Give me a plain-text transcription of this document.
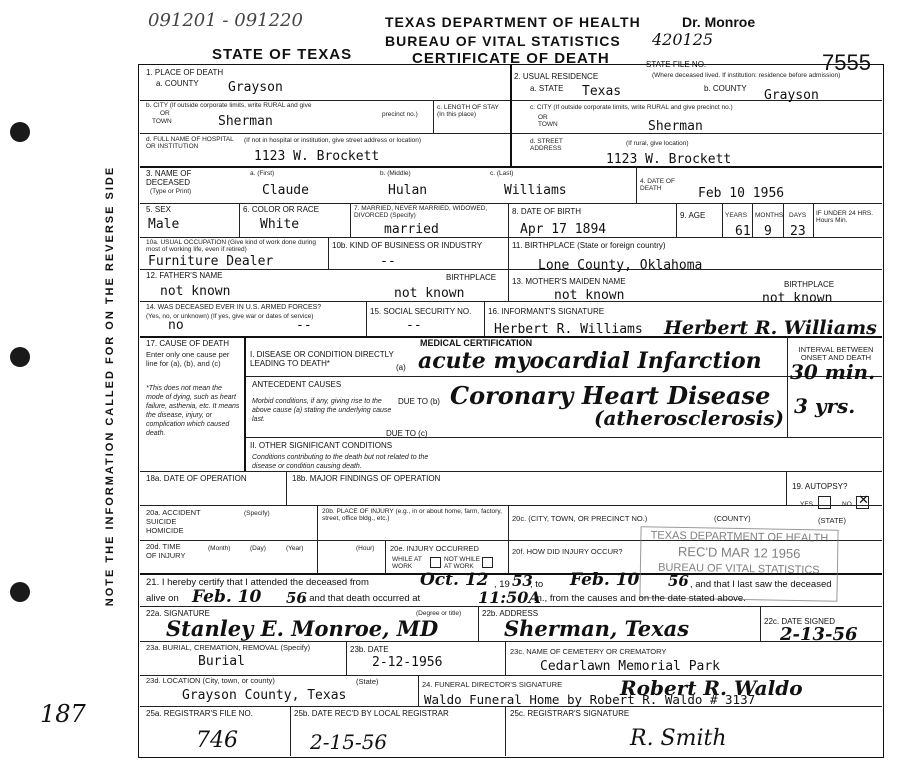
NOTE THE INFORMATION CALLED FOR ON THE REVERSE SIDE
187
091201 - 091220	TEXAS DEPARTMENT OF HEALTH
BUREAU OF VITAL STATISTICS
Dr. Monroe
420125
STATE OF TEXAS	CERTIFICATE OF DEATH	STATE FILE NO.	7555
1. PLACE OF DEATH
a. COUNTY Grayson
b. CITY (If outside corporate limits, write RURAL and give
OR
TOWN
precinct no.)
Sherman
c. LENGTH OF STAY (In this place)
d. FULL NAME OF HOSPITAL OR INSTITUTION
(If not in hospital or institution, give street address or location)
1123 W. Brockett
2. USUAL RESIDENCE	(Where deceased lived. If institution: residence before admission)
a. STATE Texas	b. COUNTY Grayson
c. CITY (If outside corporate limits, write RURAL and give precinct no.)
OR TOWN	Sherman
d. STREET ADDRESS
(If rural, give location)
1123 W. Brockett
3. NAME OF DECEASED
(Type or Print)
a. (First)	b. (Middle)	c. (Last)
Claude	Hulan	Williams
4. DATE OF DEATH	Feb 10 1956
5. SEX
Male
6. COLOR OR RACE
White
7. MARRIED, NEVER MARRIED, WIDOWED, DIVORCED (Specify)
married
8. DATE OF BIRTH
Apr 17 1894
9. AGE	YEARS MONTHS DAYS IF UNDER 24 HRS. Hours Min.
61 9 23
10a. USUAL OCCUPATION (Give kind of work done during most of working life, even if retired)
Furniture Dealer
10b. KIND OF BUSINESS OR INDUSTRY
--
11. BIRTHPLACE (State or foreign country)
Lone County, Oklahoma
12. FATHER'S NAME
not known
BIRTHPLACE
not known
13. MOTHER'S MAIDEN NAME
not known
BIRTHPLACE
not known
14. WAS DECEASED EVER IN U.S. ARMED FORCES?
(Yes, no, or unknown) (If yes, give war or dates of service)
no	--
15. SOCIAL SECURITY NO.
--
16. INFORMANT'S SIGNATURE
Herbert R. Williams Herbert R. Williams
17. CAUSE OF DEATH
Enter only one cause per line for (a), (b), and (c)
*This does not mean the mode of dying, such as heart failure, asthenia, etc. It means the disease, injury, or complication which caused death.
MEDICAL CERTIFICATION
I. DISEASE OR CONDITION DIRECTLY LEADING TO DEATH*	(a) acute myocardial Infarction	INTERVAL BETWEEN ONSET AND DEATH
30 min.
ANTECEDENT CAUSES
Morbid conditions, if any, giving rise to the above cause (a) stating the underlying cause last.
DUE TO (b) Coronary Heart Disease
(atherosclerosis) 3 yrs.
DUE TO (c)
II. OTHER SIGNIFICANT CONDITIONS
Conditions contributing to the death but not related to the disease or condition causing death.
18a. DATE OF OPERATION	18b. MAJOR FINDINGS OF OPERATION
19. AUTOPSY?
YES	NO ✕
20a. ACCIDENT SUICIDE HOMICIDE
(Specify)	20b. PLACE OF INJURY (e.g., in or about home, farm, factory, street, office bldg., etc.)	20c. (CITY, TOWN, OR PRECINCT NO.)	(COUNTY)	(STATE)
20d. TIME OF INJURY
(Month)	(Day)	(Year)	(Hour) 20e. INJURY OCCURRED
WHILE AT WORK
NOT WHILE AT WORK
20f. HOW DID INJURY OCCUR?
TEXAS DEPARTMENT OF HEALTH
REC'D MAR 12 1956
BUREAU OF VITAL STATISTICS
21. I hereby certify that I attended the deceased from	Oct. 12 , 19 53
, to Feb. 10 56 , and that I last saw the deceased
alive on Feb. 10 56
, and that death occurred at	11:50A
m., from the causes and on the date stated above.
22a. SIGNATURE
Stanley E. Monroe, MD
(Degree or title)	22b. ADDRESS
Sherman, Texas	22c. DATE SIGNED
2-13-56
23a. BURIAL, CREMATION, REMOVAL (Specify)
Burial
23b. DATE
2-12-1956
23c. NAME OF CEMETERY OR CREMATORY
Cedarlawn Memorial Park
23d. LOCATION (City, town, or county)	(State)
Grayson County, Texas
24. FUNERAL DIRECTOR'S SIGNATURE
Waldo Funeral Home by Robert R. Waldo # 3137
Robert R. Waldo
25a. REGISTRAR'S FILE NO.
746
25b. DATE REC'D BY LOCAL REGISTRAR
2-15-56
25c. REGISTRAR'S SIGNATURE
R. Smith
